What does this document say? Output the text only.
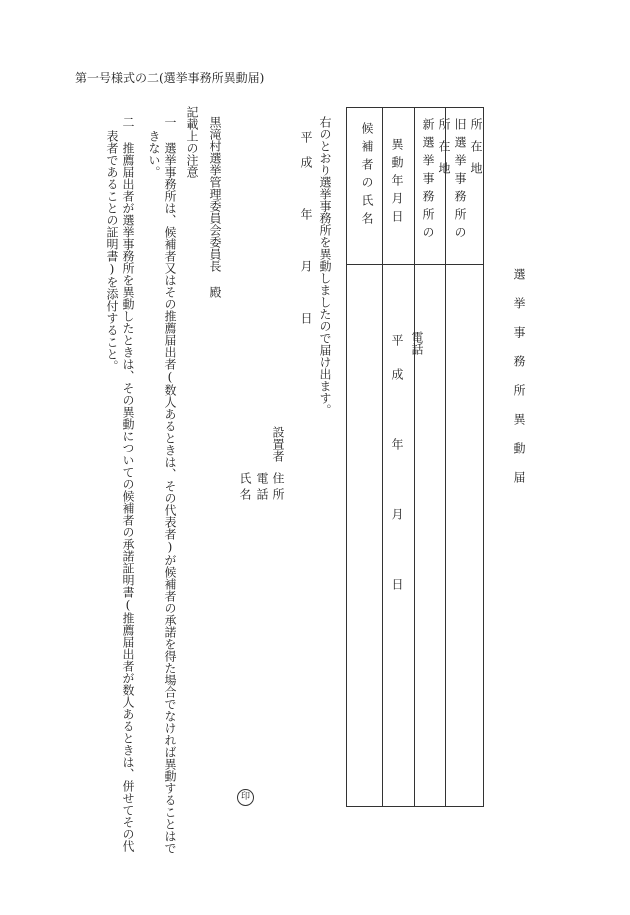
第一号様式の二(選挙事務所異動届)
選挙事務所異動届
旧選挙事務所の 所在地
新選挙事務所の 所在地
電話
異動年月日
平成 年 月 日
候補者の氏名
右のとおり選挙事務所を異動しましたので届け出ます。
平成 年 月 日
設置者
住所
電話
氏名
印
黒滝村選挙管理委員会委員長 殿
記載上の注意
一 選挙事務所は、候補者又はその推薦届出者(数人あるときは、その代表者)が候補者の承諾を得た場合でなければ異動することはで
きない。
二 推薦届出者が選挙事務所を異動したときは、その異動についての候補者の承諾証明書(推薦届出者が数人あるときは、併せてその代
表者であることの証明書)を添付すること。
